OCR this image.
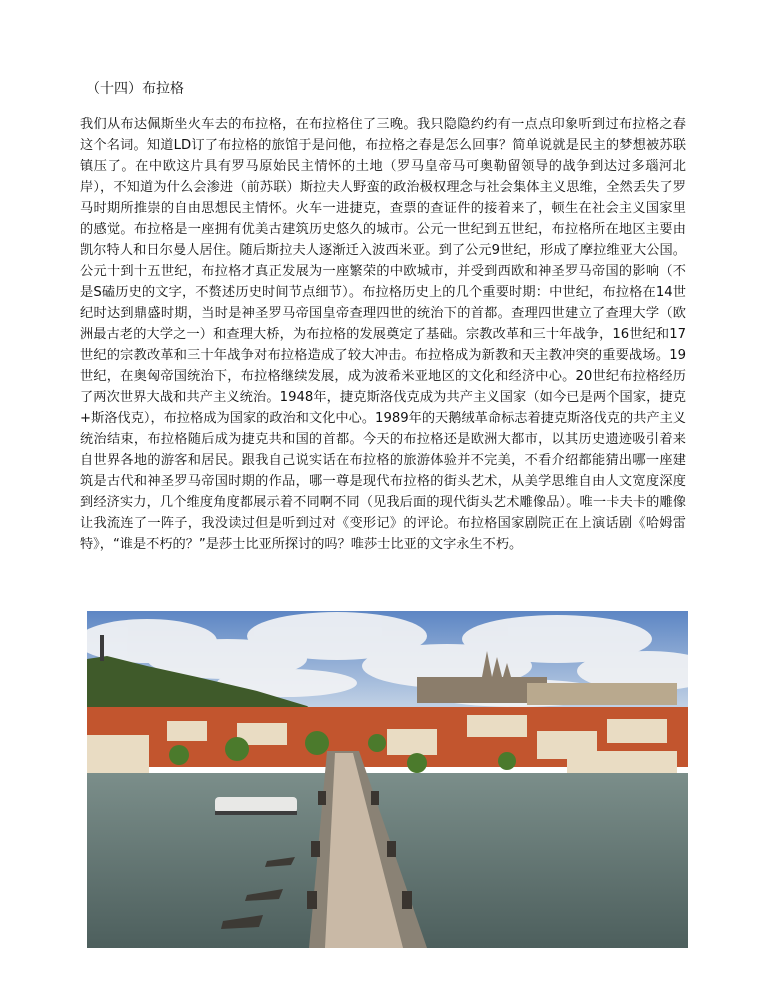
（十四）布拉格

我们从布达佩斯坐火车去的布拉格，在布拉格住了三晚。我只隐隐约约有一点点印象听到过布拉格之春这个名词。知道LD订了布拉格的旅馆于是问他，布拉格之春是怎么回事？简单说就是民主的梦想被苏联镇压了。在中欧这片具有罗马原始民主情怀的土地（罗马皇帝马可奥勒留领导的战争到达过多瑙河北岸），不知道为什么会渗进（前苏联）斯拉夫人野蛮的政治极权理念与社会集体主义思维，全然丢失了罗马时期所推崇的自由思想民主情怀。火车一进捷克，查票的查证件的接着来了，顿生在社会主义国家里的感觉。布拉格是一座拥有优美古建筑历史悠久的城市。公元一世纪到五世纪，布拉格所在地区主要由凯尔特人和日尔曼人居住。随后斯拉夫人逐渐迁入波西米亚。到了公元9世纪，形成了摩拉维亚大公国。公元十到十五世纪，布拉格才真正发展为一座繁荣的中欧城市，并受到西欧和神圣罗马帝国的影响（不是S磕历史的文字，不赘述历史时间节点细节）。布拉格历史上的几个重要时期：中世纪，布拉格在14世纪时达到鼎盛时期，当时是神圣罗马帝国皇帝查理四世的统治下的首都。查理四世建立了查理大学（欧洲最古老的大学之一）和查理大桥，为布拉格的发展奠定了基础。宗教改革和三十年战争，16世纪和17世纪的宗教改革和三十年战争对布拉格造成了较大冲击。布拉格成为新教和天主教冲突的重要战场。19世纪，在奥匈帝国统治下，布拉格继续发展，成为波希米亚地区的文化和经济中心。20世纪布拉格经历了两次世界大战和共产主义统治。1948年，捷克斯洛伐克成为共产主义国家（如今已是两个国家，捷克+斯洛伐克），布拉格成为国家的政治和文化中心。1989年的天鹅绒革命标志着捷克斯洛伐克的共产主义统治结束，布拉格随后成为捷克共和国的首都。今天的布拉格还是欧洲大都市，以其历史遗迹吸引着来自世界各地的游客和居民。跟我自己说实话在布拉格的旅游体验并不完美，不看介绍都能猜出哪一座建筑是古代和神圣罗马帝国时期的作品，哪一尊是现代布拉格的街头艺术，从美学思维自由人文宽度深度到经济实力，几个维度角度都展示着不同啊不同（见我后面的现代街头艺术雕像品）。唯一卡夫卡的雕像让我流连了一阵子，我没读过但是听到过对《变形记》的评论。布拉格国家剧院正在上演话剧《哈姆雷特》，“谁是不朽的？”是莎士比亚所探讨的吗？唯莎士比亚的文字永生不朽。
